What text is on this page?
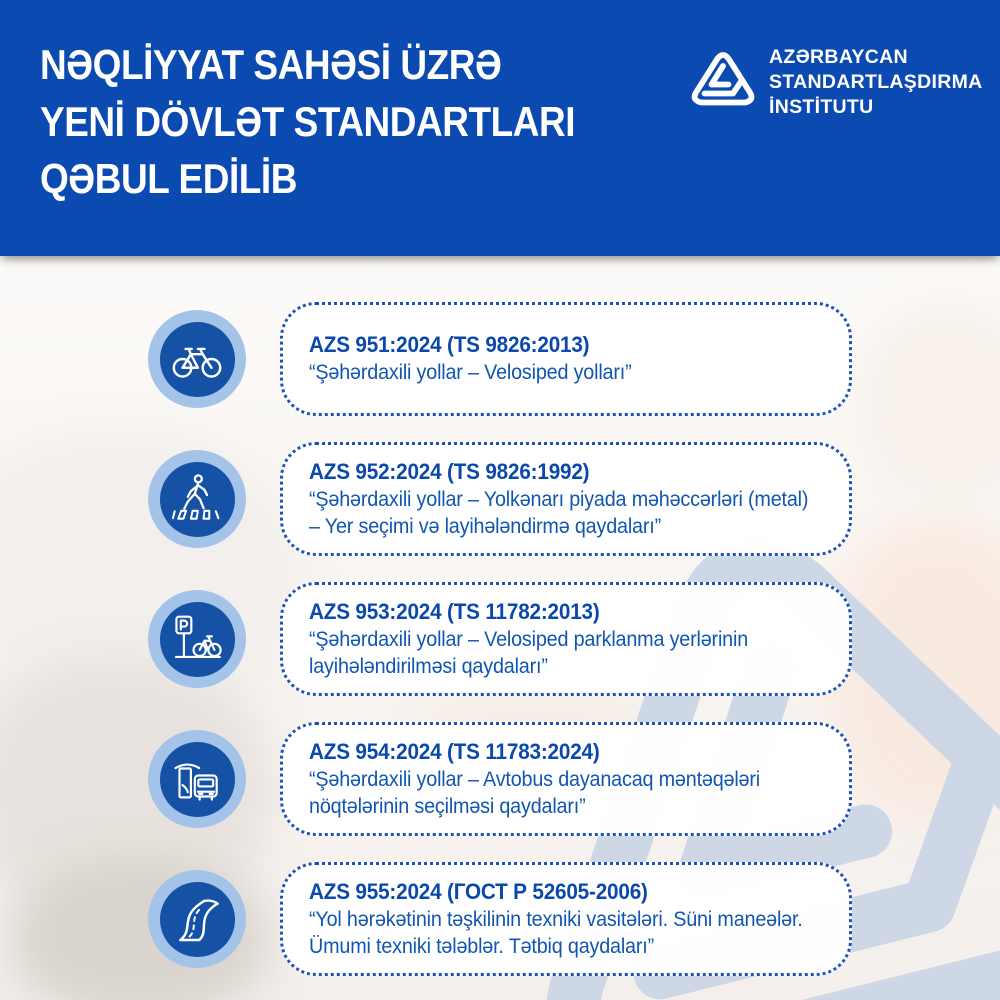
NƏQLİYYAT SAHƏSİ ÜZRƏ
YENİ DÖVLƏT STANDARTLARI
QƏBUL EDİLİB
AZƏRBAYCAN
STANDARTLAŞDIRMA
İNSTİTUTU

AZS 951:2024 (TS 9826:2013)

“Şəhərdaxili yollar – Velosiped yolları”

AZS 952:2024 (TS 9826:1992)

“Şəhərdaxili yollar – Yolkənarı piyada məhəccərləri (metal) – Yer seçimi və layihələndirmə qaydaları”

AZS 953:2024 (TS 11782:2013)

“Şəhərdaxili yollar – Velosiped parklanma yerlərinin layihələndirilməsi qaydaları”

AZS 954:2024 (TS 11783:2024)

“Şəhərdaxili yollar – Avtobus dayanacaq məntəqələri nöqtələrinin seçilməsi qaydaları”

AZS 955:2024 (ГОСТ Р 52605-2006)

“Yol hərəkətinin təşkilinin texniki vasitələri. Süni maneələr. Ümumi texniki tələblər. Tətbiq qaydaları”
